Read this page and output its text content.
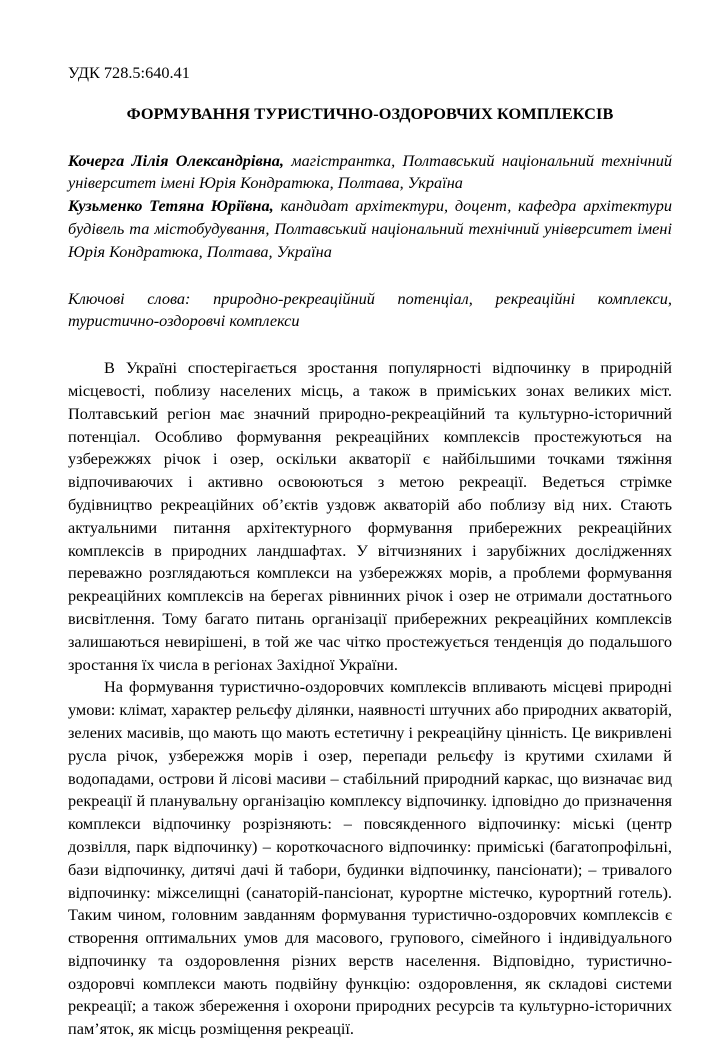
УДК 728.5:640.41
ФОРМУВАННЯ ТУРИСТИЧНО-ОЗДОРОВЧИХ КОМПЛЕКСІВ
Кочерга Лілія Олександрівна, магістрантка, Полтавський національний технічний університет імені Юрія Кондратюка, Полтава, Україна
Кузьменко Тетяна Юріївна, кандидат архітектури, доцент, кафедра архітектури будівель та містобудування, Полтавський національний технічний університет імені Юрія Кондратюка, Полтава, Україна
Ключові слова: природно-рекреаційний потенціал, рекреаційні комплекси, туристично-оздоровчі комплекси

В Україні спостерігається зростання популярності відпочинку в природній місцевості, поблизу населених місць, а також в приміських зонах великих міст. Полтавський регіон має значний природно-рекреаційний та культурно-історичний потенціал. Особливо формування рекреаційних комплексів простежуються на узбережжях річок і озер, оскільки акваторії є найбільшими точками тяжіння відпочиваючих і активно освоюються з метою рекреації. Ведеться стрімке будівництво рекреаційних об’єктів уздовж акваторій або поблизу від них. Стають актуальними питання архітектурного формування прибережних рекреаційних комплексів в природних ландшафтах. У вітчизняних і зарубіжних дослідженнях переважно розглядаються комплекси на узбережжях морів, а проблеми формування рекреаційних комплексів на берегах рівнинних річок і озер не отримали достатнього висвітлення. Тому багато питань організації прибережних рекреаційних комплексів залишаються невирішені, в той же час чітко простежується тенденція до подальшого зростання їх числа в регіонах Західної України.

На формування туристично-оздоровчих комплексів впливають місцеві природні умови: клімат, характер рельєфу ділянки, наявності штучних або природних акваторій, зелених масивів, що мають що мають естетичну і рекреаційну цінність. Це викривлені русла річок, узбережжя морів і озер, перепади рельєфу із крутими схилами й водопадами, острови й лісові масиви – стабільний природний каркас, що визначає вид рекреації й планувальну організацію комплексу відпочинку. ідповідно до призначення комплекси відпочинку розрізняють: – повсякденного відпочинку: міські (центр дозвілля, парк відпочинку) – короткочасного відпочинку: приміські (багатопрофільні, бази відпочинку, дитячі дачі й табори, будинки відпочинку, пансіонати); – тривалого відпочинку: міжселищні (санаторій-пансіонат, курортне містечко, курортний готель). Таким чином, головним завданням формування туристично-оздоровчих комплексів є створення оптимальних умов для масового, групового, сімейного і індивідуального відпочинку та оздоровлення різних верств населення. Відповідно, туристично-оздоровчі комплекси мають подвійну функцію: оздоровлення, як складові системи рекреації; а також збереження і охорони природних ресурсів та культурно-історичних пам’яток, як місць розміщення рекреації.
